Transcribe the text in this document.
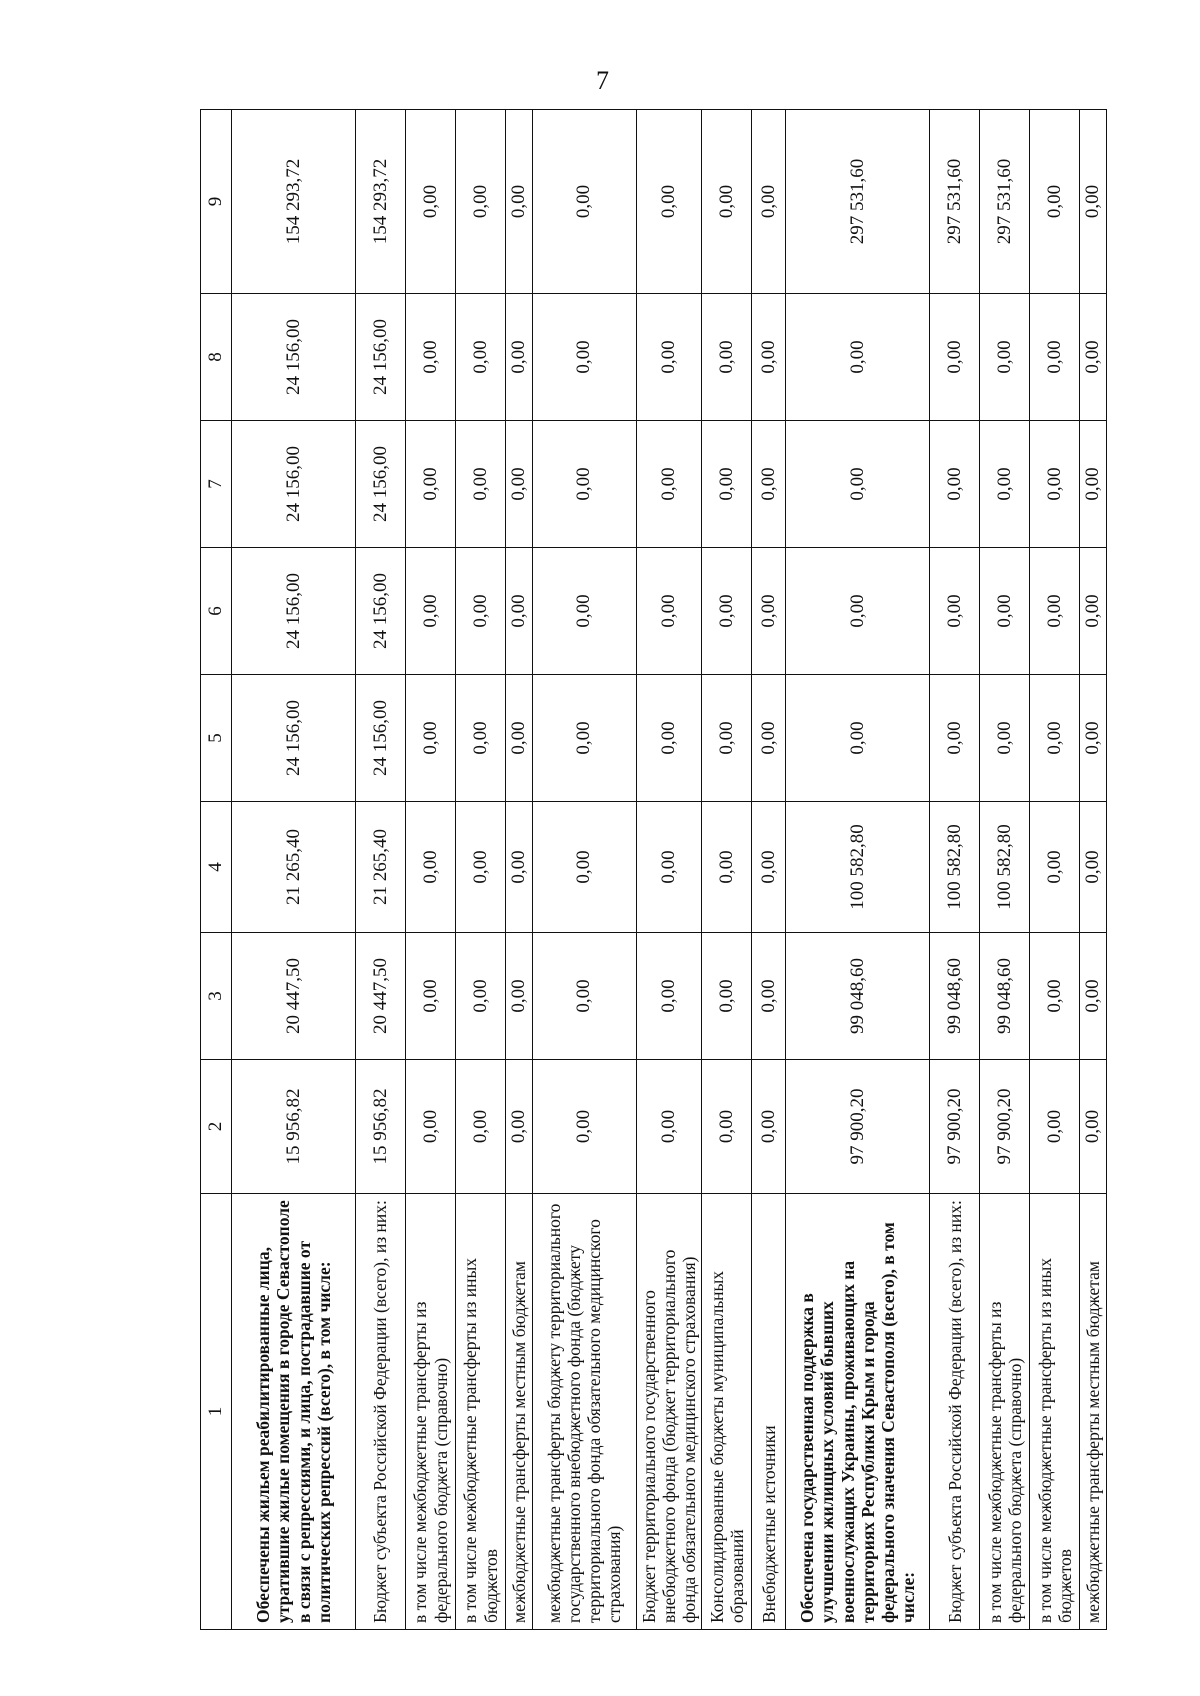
7
1	2	3	4	5	6	7	8	9
Обеспечены жильем реабилитированные лица, утратившие жилые помещения в городе Севастополе в связи с репрессиями, и лица, пострадавшие от политических репрессий (всего), в том числе:	15 956,82	20 447,50	21 265,40	24 156,00	24 156,00	24 156,00	24 156,00	154 293,72
Бюджет субъекта Российской Федерации (всего), из них:	15 956,82	20 447,50	21 265,40	24 156,00	24 156,00	24 156,00	24 156,00	154 293,72
в том числе межбюджетные трансферты из федерального бюджета (справочно)	0,00	0,00	0,00	0,00	0,00	0,00	0,00	0,00
в том числе межбюджетные трансферты из иных бюджетов	0,00	0,00	0,00	0,00	0,00	0,00	0,00	0,00
межбюджетные трансферты местным бюджетам	0,00	0,00	0,00	0,00	0,00	0,00	0,00	0,00
межбюджетные трансферты бюджету территориального государственного внебюджетного фонда (бюджету территориального фонда обязательного медицинского страхования)	0,00	0,00	0,00	0,00	0,00	0,00	0,00	0,00
Бюджет территориального государственного внебюджетного фонда (бюджет территориального фонда обязательного медицинского страхования)	0,00	0,00	0,00	0,00	0,00	0,00	0,00	0,00
Консолидированные бюджеты муниципальных образований	0,00	0,00	0,00	0,00	0,00	0,00	0,00	0,00
Внебюджетные источники	0,00	0,00	0,00	0,00	0,00	0,00	0,00	0,00
Обеспечена государственная поддержка в улучшении жилищных условий бывших военнослужащих Украины, проживающих на территориях Республики Крым и города федерального значения Севастополя (всего), в том числе:	97 900,20	99 048,60	100 582,80	0,00	0,00	0,00	0,00	297 531,60
Бюджет субъекта Российской Федерации (всего), из них:	97 900,20	99 048,60	100 582,80	0,00	0,00	0,00	0,00	297 531,60
в том числе межбюджетные трансферты из федерального бюджета (справочно)	97 900,20	99 048,60	100 582,80	0,00	0,00	0,00	0,00	297 531,60
в том числе межбюджетные трансферты из иных бюджетов	0,00	0,00	0,00	0,00	0,00	0,00	0,00	0,00
межбюджетные трансферты местным бюджетам	0,00	0,00	0,00	0,00	0,00	0,00	0,00	0,00
